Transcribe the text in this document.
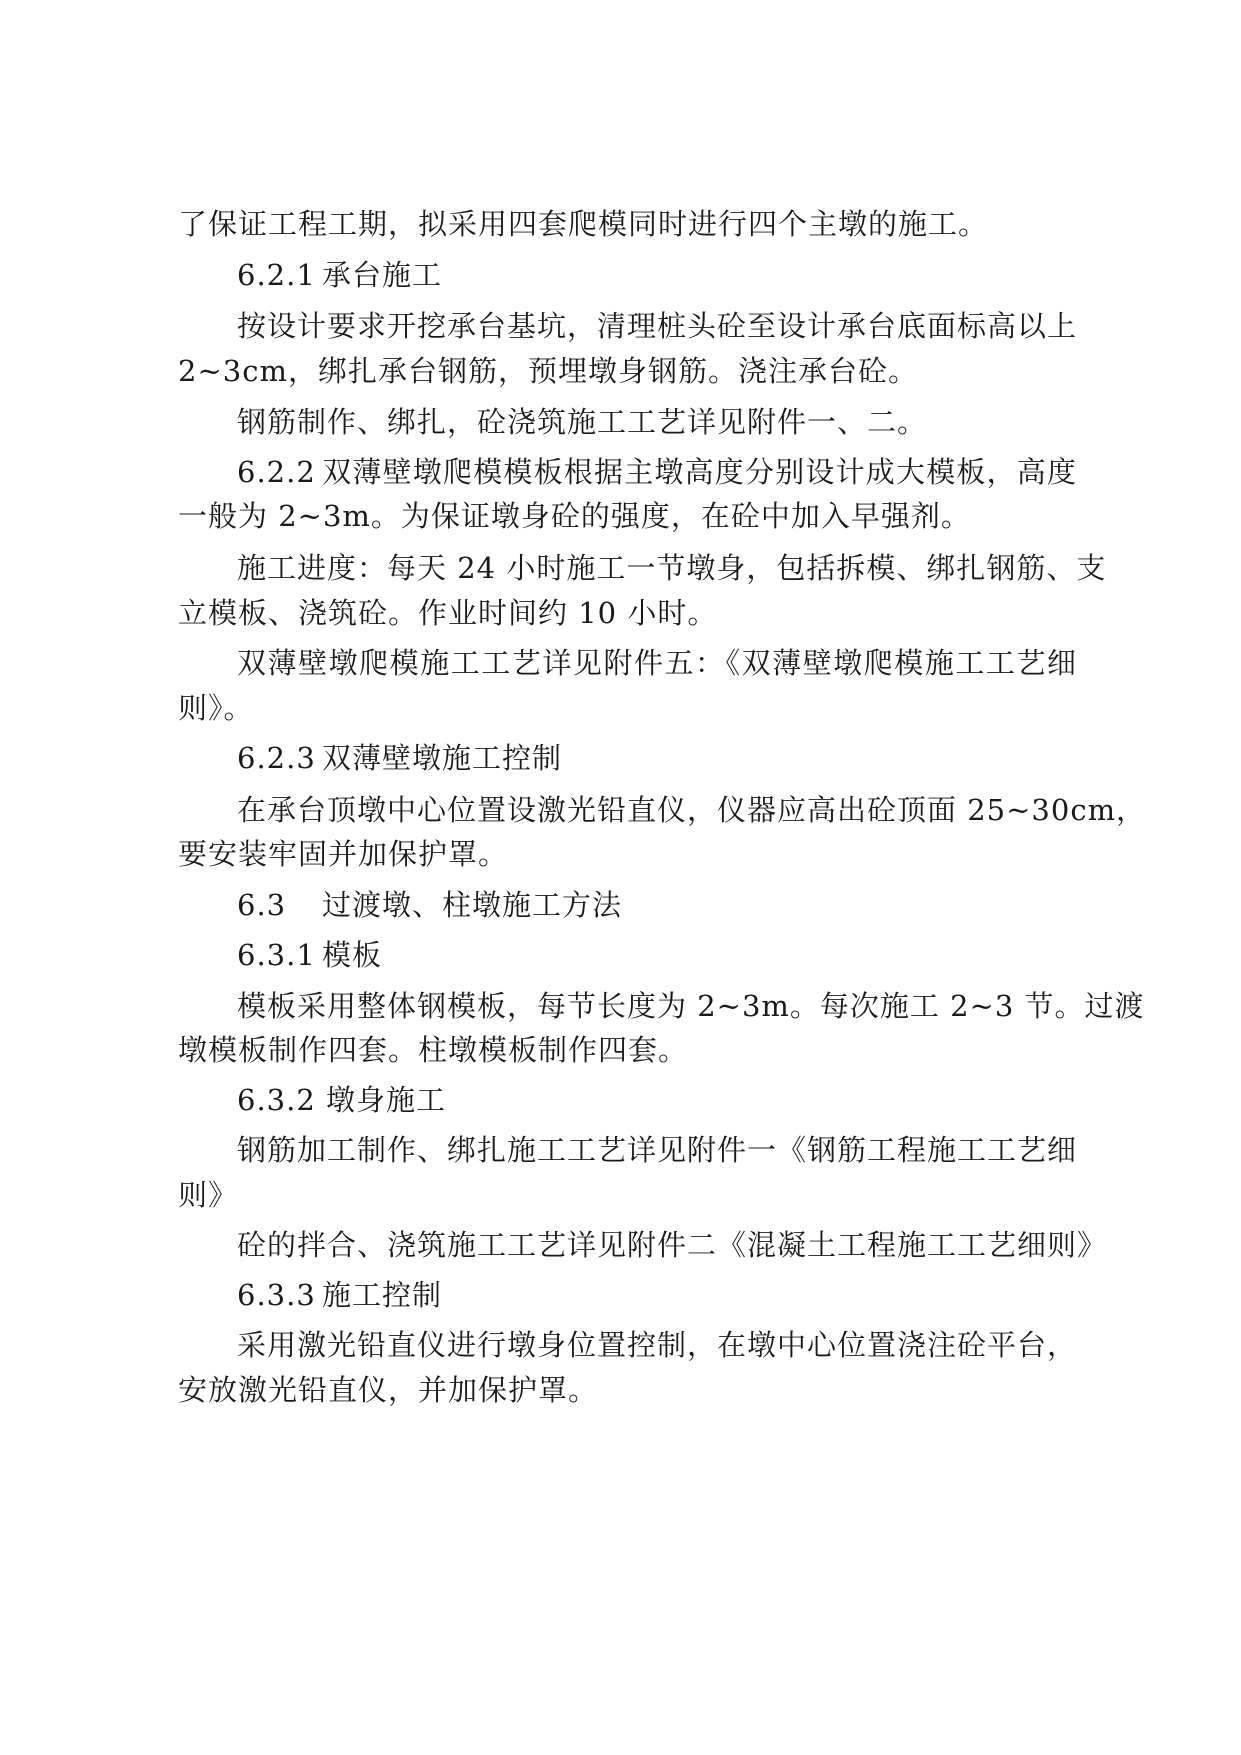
了保证工程工期，拟采用四套爬模同时进行四个主墩的施工。
6.2.1 承台施工
按设计要求开挖承台基坑，清理桩头砼至设计承台底面标高以上
2~3cm，绑扎承台钢筋，预埋墩身钢筋。浇注承台砼。
钢筋制作、绑扎，砼浇筑施工工艺详见附件一、二。
6.2.2 双薄壁墩爬模模板根据主墩高度分别设计成大模板，高度
一般为 2~3m。为保证墩身砼的强度，在砼中加入早强剂。
施工进度：每天 24 小时施工一节墩身，包括拆模、绑扎钢筋、支
立模板、浇筑砼。作业时间约 10 小时。
双薄壁墩爬模施工工艺详见附件五：《双薄壁墩爬模施工工艺细
则》。
6.2.3 双薄壁墩施工控制
在承台顶墩中心位置设激光铅直仪，仪器应高出砼顶面 25~30cm，
要安装牢固并加保护罩。
6.3 过渡墩、柱墩施工方法
6.3.1 模板
模板采用整体钢模板，每节长度为 2~3m。每次施工 2~3 节。过渡
墩模板制作四套。柱墩模板制作四套。
6.3.2 墩身施工
钢筋加工制作、绑扎施工工艺详见附件一《钢筋工程施工工艺细
则》
砼的拌合、浇筑施工工艺详见附件二《混凝土工程施工工艺细则》
6.3.3 施工控制
采用激光铅直仪进行墩身位置控制，在墩中心位置浇注砼平台，
安放激光铅直仪，并加保护罩。
